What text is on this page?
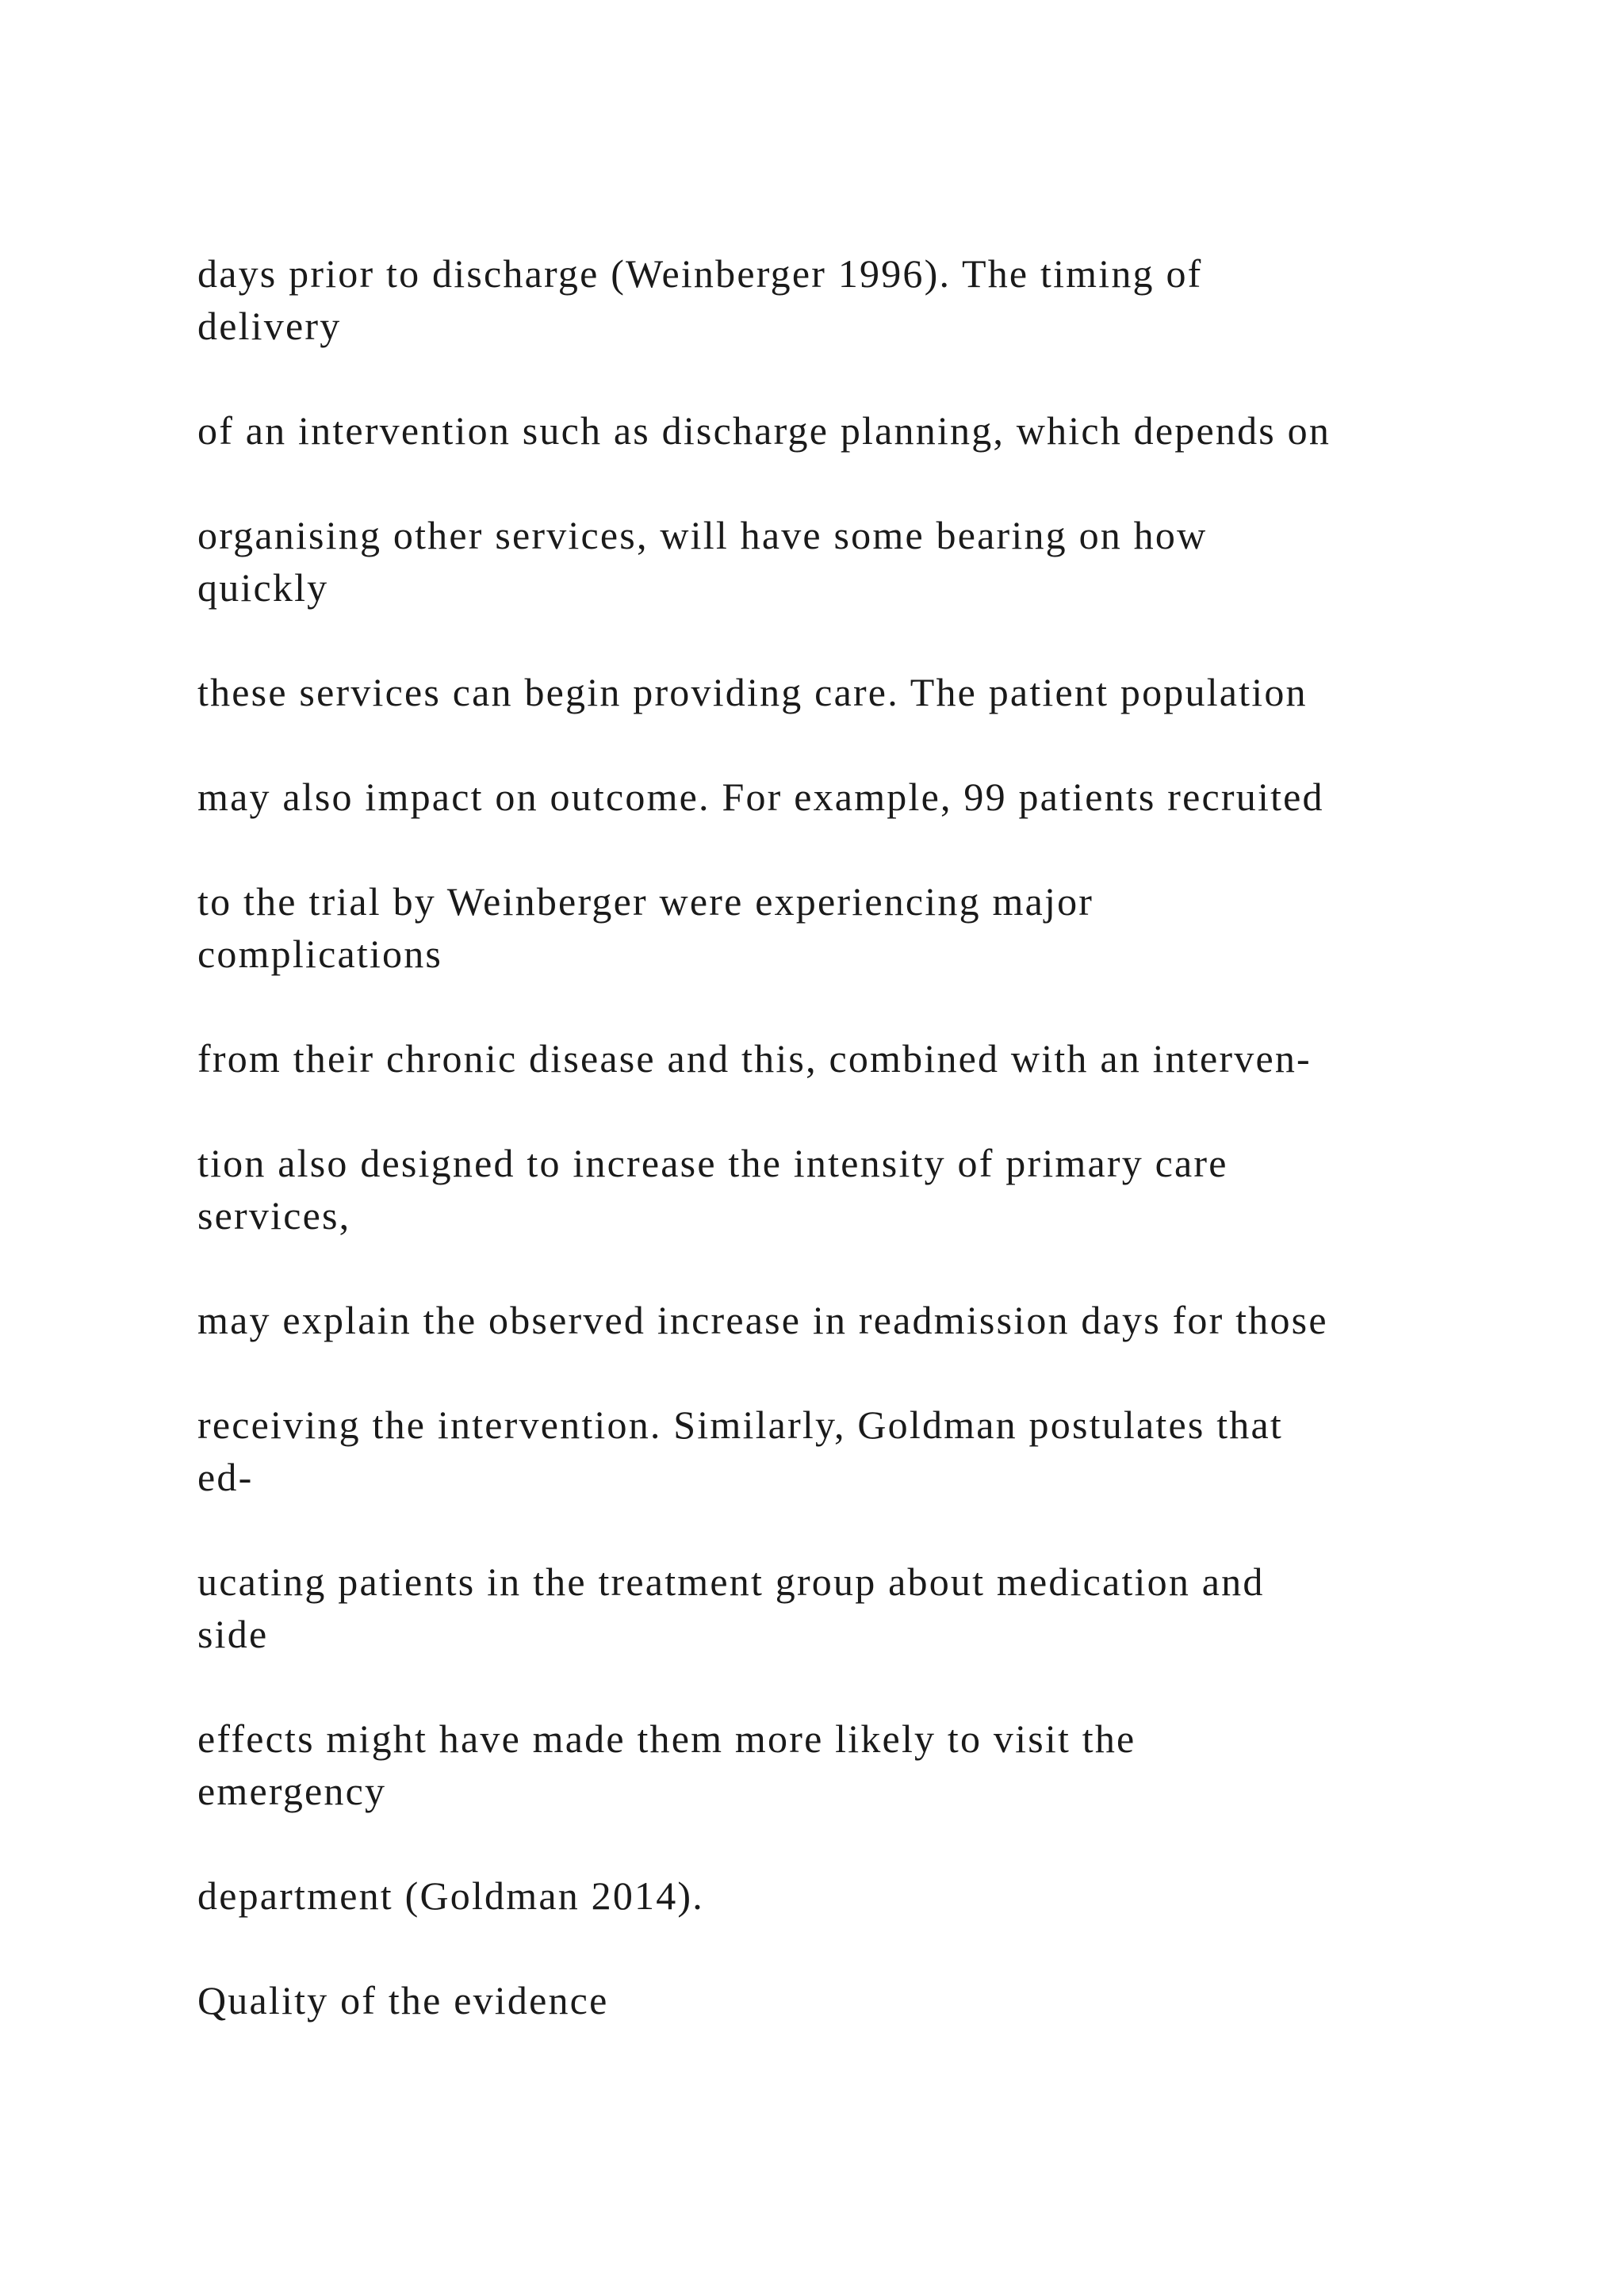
days prior to discharge (Weinberger 1996). The timing of
delivery

of an intervention such as discharge planning, which depends on

organising other services, will have some bearing on how
quickly

these services can begin providing care. The patient population

may also impact on outcome. For example, 99 patients recruited

to the trial by Weinberger were experiencing major
complications

from their chronic disease and this, combined with an interven-

tion also designed to increase the intensity of primary care
services,

may explain the observed increase in readmission days for those

receiving the intervention. Similarly, Goldman postulates that
ed-

ucating patients in the treatment group about medication and
side

effects might have made them more likely to visit the
emergency

department (Goldman 2014).

Quality of the evidence
